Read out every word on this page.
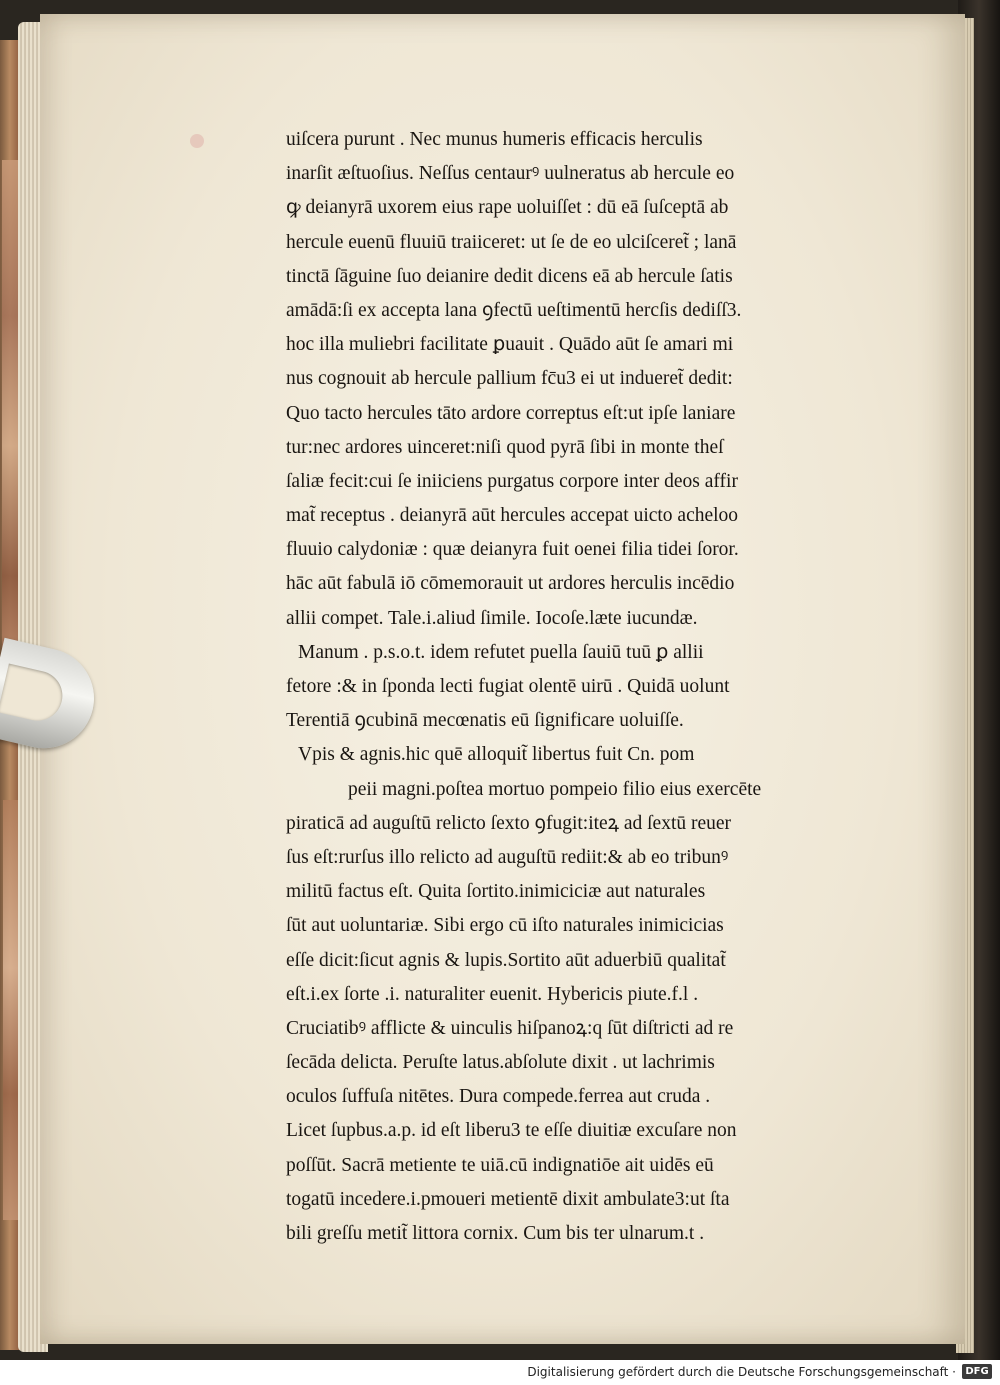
uiſcera purunt . Nec munus humeris efficacis herculis
inarſit æſtuoſius. Neſſus centaurꝰ uulneratus ab hercule eo
ꝙ deianyrā uxorem eius rape uoluiſſet : dū eā ſuſceptā ab
hercule euenū fluuiū traiiceret: ut ſe de eo ulciſceret̃ ; lanā
tinctā ſāguine ſuo deianire dedit dicens eā ab hercule ſatis
amādā:ſi ex accepta lana ꝯfectū ueſtimentū hercſis dediſſ3.
hoc illa muliebri facilitate ꝑuauit . Quādo aūt ſe amari mi
nus cognouit ab hercule pallium fc̄u3 ei ut indueret̃ dedit:
Quo tacto hercules tāto ardore correptus eſt:ut ipſe laniare
tur:nec ardores uinceret:niſi quod pyrā ſibi in monte theſ
ſaliæ fecit:cui ſe iniiciens purgatus corpore inter deos affir
mat̃ receptus . deianyrā aūt hercules accepat uicto acheloo
fluuio calydoniæ : quæ deianyra fuit oenei filia tidei ſoror.
hāc aūt fabulā iō cōmemorauit ut ardores herculis incēdio
allii compet. Tale.i.aliud ſimile. Iocoſe.læte iucundæ.
Manum . p.s.o.t. idem refutet puella ſauiū tuū ꝑ allii
fetore :& in ſponda lecti fugiat olentē uirū . Quidā uolunt
Terentiā ꝯcubinā mecœnatis eū ſignificare uoluiſſe.
Vpis & agnis.hic quē alloquit̃ libertus fuit Cn. pom
peii magni.poſtea mortuo pompeio filio eius exercēte
piraticā ad auguſtū relicto ſexto ꝯfugit:iteꝝ ad ſextū reuer
ſus eſt:rurſus illo relicto ad auguſtū rediit:& ab eo tribunꝰ
militū factus eſt. Quita ſortito.inimiciciæ aut naturales
ſūt aut uoluntariæ. Sibi ergo cū iſto naturales inimicicias
eſſe dicit:ſicut agnis & lupis.Sortito aūt aduerbiū qualitat̃
eſt.i.ex ſorte .i. naturaliter euenit. Hybericis piute.f.l .
Cruciatibꝰ afflicte & uinculis hiſpanoꝝ:q ſūt diſtricti ad re
ſecāda delicta. Peruſte latus.abſolute dixit . ut lachrimis
oculos ſuffuſa nitētes. Dura compede.ferrea aut cruda .
Licet ſupbus.a.p. id eſt liberu3 te eſſe diuitiæ excuſare non
poſſūt. Sacrā metiente te uiā.cū indignatiōe ait uidēs eū
togatū incedere.i.pmoueri metientē dixit ambulate3:ut ſta
bili greſſu metit̃ littora cornix. Cum bis ter ulnarum.t .
Digitalisierung gefördert durch die Deutsche Forschungsgemeinschaft · DFG
